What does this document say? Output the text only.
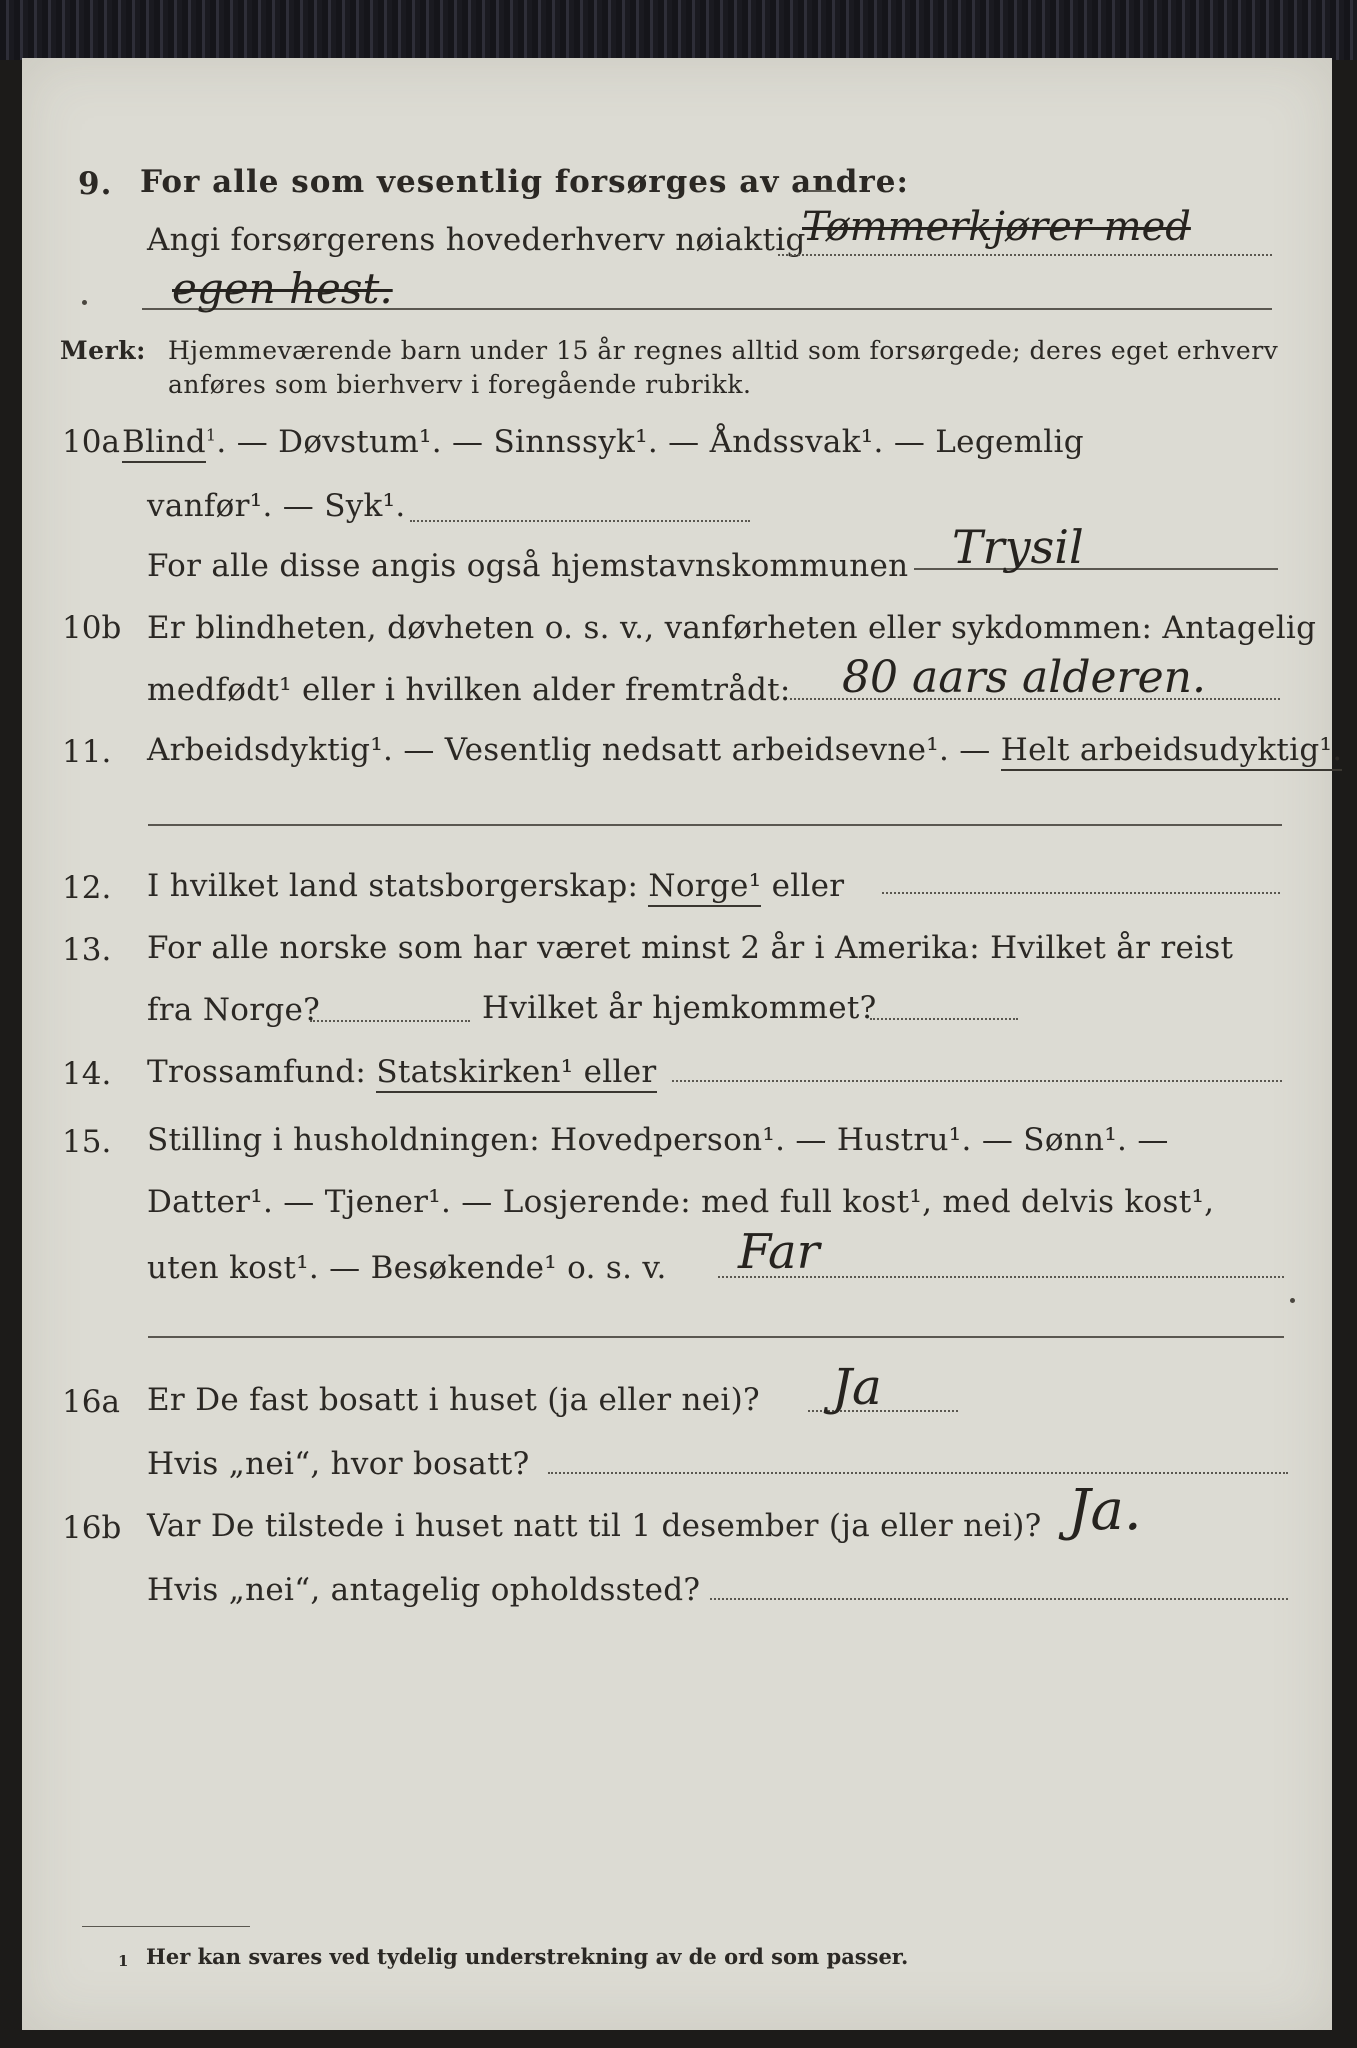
9. For alle som vesentlig forsørges av andre:
Angi forsørgerens hovederhverv nøiaktig
Tømmerkjører med
egen hest.
Merk: Hjemmeværende barn under 15 år regnes alltid som forsørgede; deres eget erhverv
anføres som bierhverv i foregående rubrikk.
10a Blind$^1$. — Døvstum¹. — Sinnssyk¹. — Åndssvak¹. — Legemlig
vanfør¹. — Syk¹.
For alle disse angis også hjemstavnskommunen Trysil
10b Er blindheten, døvheten o. s. v., vanførheten eller sykdommen: Antagelig
medfødt¹ eller i hvilken alder fremtrådt: 80 aars alderen.
11. Arbeidsdyktig¹. — Vesentlig nedsatt arbeidsevne¹. — Helt arbeidsudyktig¹.
12. I hvilket land statsborgerskap: Norge¹ eller
13. For alle norske som har været minst 2 år i Amerika: Hvilket år reist
fra Norge?	Hvilket år hjemkommet?
14. Trossamfund: Statskirken¹ eller
15. Stilling i husholdningen: Hovedperson¹. — Hustru¹. — Sønn¹. —
Datter¹. — Tjener¹. — Losjerende: med full kost¹, med delvis kost¹,
uten kost¹. — Besøkende¹ o. s. v. Far
16a Er De fast bosatt i huset (ja eller nei)? Ja
Hvis „nei“, hvor bosatt?
16b Var De tilstede i huset natt til 1 desember (ja eller nei)? Ja.
Hvis „nei“, antagelig opholdssted?
1 Her kan svares ved tydelig understrekning av de ord som passer.
